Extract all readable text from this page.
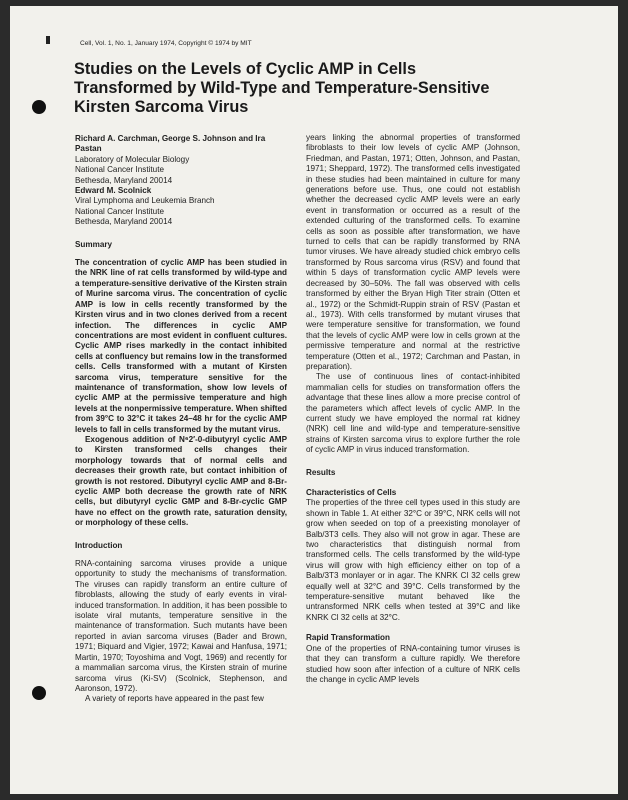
Cell, Vol. 1, No. 1, January 1974, Copyright © 1974 by MIT
Studies on the Levels of Cyclic AMP in Cells Transformed by Wild-Type and Temperature-Sensitive Kirsten Sarcoma Virus

Richard A. Carchman, George S. Johnson and Ira Pastan

Laboratory of Molecular Biology

National Cancer Institute

Bethesda, Maryland 20014

Edward M. Scolnick

Viral Lymphoma and Leukemia Branch

National Cancer Institute

Bethesda, Maryland 20014

Summary

The concentration of cyclic AMP has been studied in the NRK line of rat cells transformed by wild-type and a temperature-sensitive derivative of the Kirsten strain of Murine sarcoma virus. The concentration of cyclic AMP is low in cells recently transformed by the Kirsten virus and in two clones derived from a recent infection. The differences in cyclic AMP concentrations are most evident in confluent cultures. Cyclic AMP rises markedly in the contact inhibited cells at confluency but remains low in the transformed cells. Cells transformed with a mutant of Kirsten sarcoma virus, temperature sensitive for the maintenance of transformation, show low levels of cyclic AMP at the permissive temperature and high levels at the nonpermissive temperature. When shifted from 39°C to 32°C it takes 24–48 hr for the cyclic AMP levels to fall in cells transformed by the mutant virus.

Exogenous addition of N⁶2′-0-dibutyryl cyclic AMP to Kirsten transformed cells changes their morphology towards that of normal cells and decreases their growth rate, but contact inhibition of growth is not restored. Dibutyryl cyclic AMP and 8-Br-cyclic AMP both decrease the growth rate of NRK cells, but dibutyryl cyclic GMP and 8-Br-cyclic GMP have no effect on the growth rate, saturation density, or morphology of these cells.

Introduction

RNA-containing sarcoma viruses provide a unique opportunity to study the mechanisms of transformation. The viruses can rapidly transform an entire culture of fibroblasts, allowing the study of early events in viral-induced transformation. In addition, it has been possible to isolate viral mutants, temperature sensitive in the maintenance of transformation. Such mutants have been reported in avian sarcoma viruses (Bader and Brown, 1971; Biquard and Vigier, 1972; Kawai and Hanfusa, 1971; Martin, 1970; Toyoshima and Vogt, 1969) and recently for a mammalian sarcoma virus, the Kirsten strain of murine sarcoma virus (Ki-SV) (Scolnick, Stephenson, and Aaronson, 1972).

A variety of reports have appeared in the past few

years linking the abnormal properties of transformed fibroblasts to their low levels of cyclic AMP (Johnson, Friedman, and Pastan, 1971; Otten, Johnson, and Pastan, 1971; Sheppard, 1972). The transformed cells investigated in these studies had been maintained in culture for many generations before use. Thus, one could not establish whether the decreased cyclic AMP levels were an early event in transformation or occurred as a result of the extended culturing of the transformed cells. To examine cells as soon as possible after transformation, we have turned to cells that can be rapidly transformed by RNA tumor viruses. We have already studied chick embryo cells transformed by Rous sarcoma virus (RSV) and found that within 5 days of transformation cyclic AMP levels were decreased by 30–50%. The fall was observed with cells transformed by either the Bryan High Titer strain (Otten et al., 1972) or the Schmidt-Ruppin strain of RSV (Pastan et al., 1973). With cells transformed by mutant viruses that were temperature sensitive for transformation, we found that the levels of cyclic AMP were low in cells grown at the permissive temperature and normal at the restrictive temperature (Otten et al., 1972; Carchman and Pastan, in preparation).

The use of continuous lines of contact-inhibited mammalian cells for studies on transformation offers the advantage that these lines allow a more precise control of the parameters which affect levels of cyclic AMP. In the current study we have employed the normal rat kidney (NRK) cell line and wild-type and temperature-sensitive strains of Kirsten sarcoma virus to explore further the role of cyclic AMP in virus induced transformation.

Results

Characteristics of Cells

The properties of the three cell types used in this study are shown in Table 1. At either 32°C or 39°C, NRK cells will not grow when seeded on top of a preexisting monolayer of Balb/3T3 cells. They also will not grow in agar. These are two characteristics that distinguish normal from transformed cells. The cells transformed by the wild-type virus will grow with high efficiency either on top of a Balb/3T3 monlayer or in agar. The KNRK Cl 32 cells grew equally well at 32°C and 39°C. Cells transformed by the temperature-sensitive mutant behaved like the untransformed NRK cells when tested at 39°C and like KNRK Cl 32 cells at 32°C.

Rapid Transformation

One of the properties of RNA-containing tumor viruses is that they can transform a culture rapidly. We therefore studied how soon after infection of a culture of NRK cells the change in cyclic AMP levels
